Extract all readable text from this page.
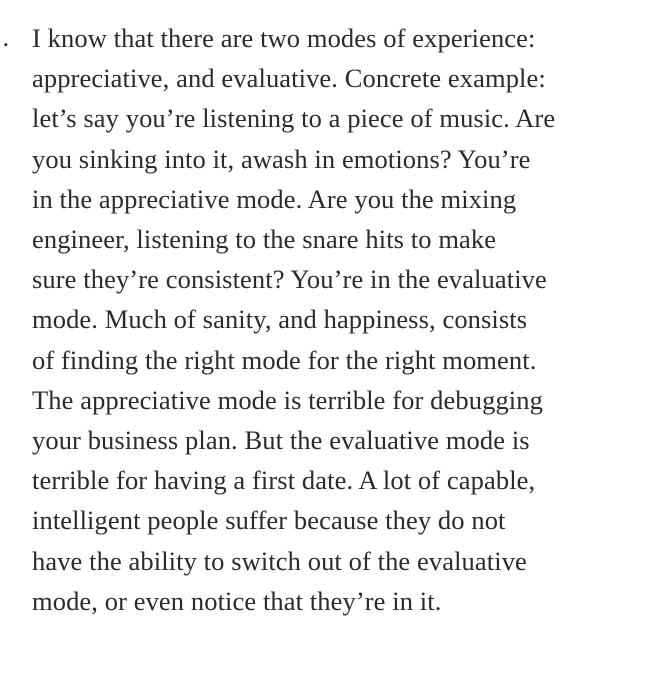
. I know that there are two modes of experience:
appreciative, and evaluative. Concrete example:
let’s say you’re listening to a piece of music. Are
you sinking into it, awash in emotions? You’re
in the appreciative mode. Are you the mixing
engineer, listening to the snare hits to make
sure they’re consistent? You’re in the evaluative
mode. Much of sanity, and happiness, consists
of finding the right mode for the right moment.
The appreciative mode is terrible for debugging
your business plan. But the evaluative mode is
terrible for having a first date. A lot of capable,
intelligent people suffer because they do not
have the ability to switch out of the evaluative
mode, or even notice that they’re in it.
